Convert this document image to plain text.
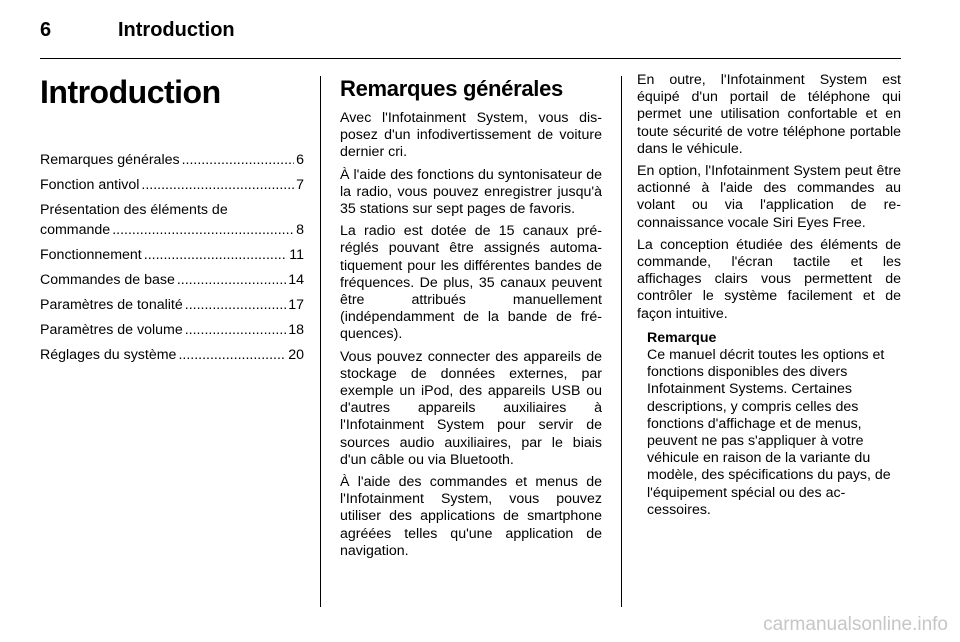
6	Introduction
Introduction
Remarques générales .....	6
Fonction antivol .....	7
Présentation des éléments de
commande .....	8
Fonctionnement .....	11
Commandes de base .....	14
Paramètres de tonalité .....	17
Paramètres de volume .....	18
Réglages du système .....	20
Remarques générales

Avec l'Infotainment System, vous disposez d'un infodivertissement de voiture dernier cri.

À l'aide des fonctions du syntonisateur de la radio, vous pouvez enregistrer jusqu'à 35 stations sur sept pages de favoris.

La radio est dotée de 15 canaux préréglés pouvant être assignés automatiquement pour les différentes bandes de fréquences. De plus, 35 canaux peuvent être attribués manuellement (indépendamment de la bande de fréquences).

Vous pouvez connecter des appareils de stockage de données externes, par exemple un iPod, des appareils USB ou d'autres appareils auxiliaires à l'Infotainment System pour servir de sources audio auxiliaires, par le biais d'un câble ou via Bluetooth.

À l'aide des commandes et menus de l'Infotainment System, vous pouvez utiliser des applications de smartphone agréées telles qu'une application de navigation.

En outre, l'Infotainment System est équipé d'un portail de téléphone qui permet une utilisation confortable et en toute sécurité de votre téléphone portable dans le véhicule.

En option, l'Infotainment System peut être actionné à l'aide des commandes au volant ou via l'application de reconnaissance vocale Siri Eyes Free.

La conception étudiée des éléments de commande, l'écran tactile et les affichages clairs vous permettent de contrôler le système facilement et de façon intuitive.

Remarque

Ce manuel décrit toutes les options et fonctions disponibles des divers Infotainment Systems. Certaines descriptions, y compris celles des fonctions d'affichage et de menus, peuvent ne pas s'appliquer à votre véhicule en raison de la variante du modèle, des spécifications du pays, de l'équipement spécial ou des accessoires.

carmanualsonline.info
